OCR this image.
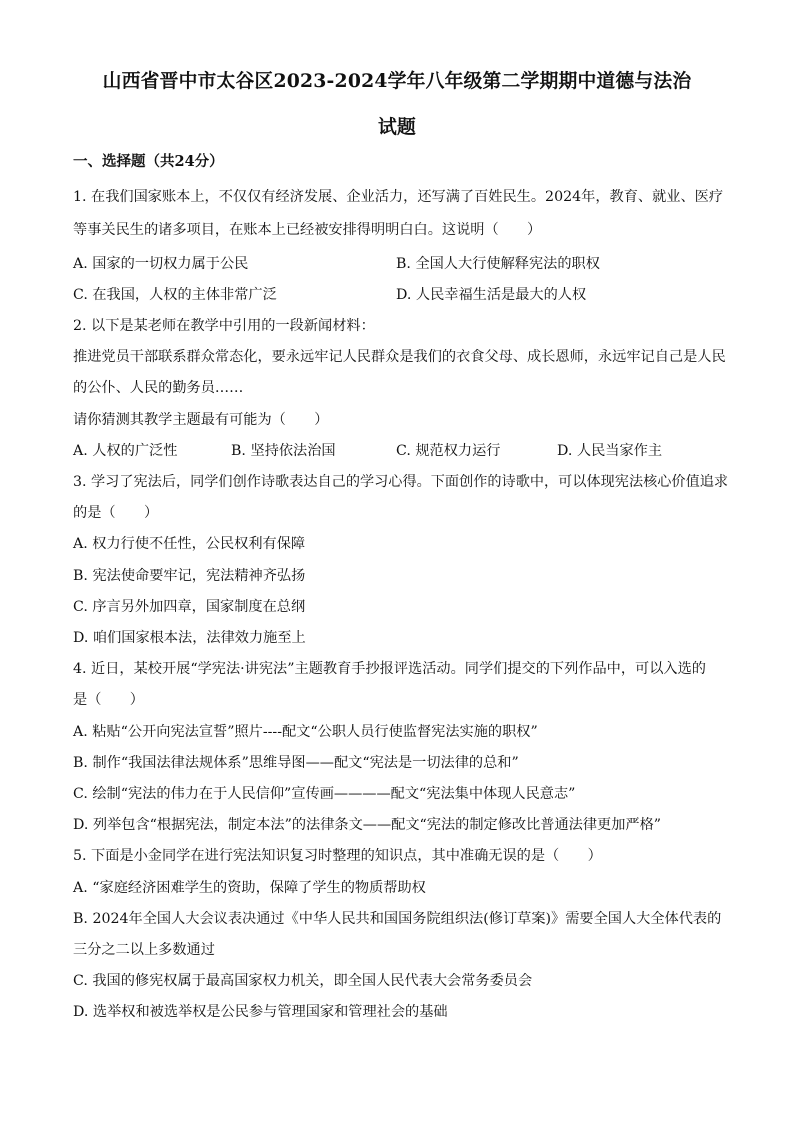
山西省晋中市太谷区2023-2024学年八年级第二学期期中道德与法治
试题
一、选择题（共24分）
1. 在我们国家账本上，不仅仅有经济发展、企业活力，还写满了百姓民生。2024年，教育、就业、医疗
等事关民生的诸多项目，在账本上已经被安排得明明白白。这说明（　　）
A. 国家的一切权力属于公民	B. 全国人大行使解释宪法的职权
C. 在我国，人权的主体非常广泛	D. 人民幸福生活是最大的人权
2. 以下是某老师在教学中引用的一段新闻材料：
推进党员干部联系群众常态化，要永远牢记人民群众是我们的衣食父母、成长恩师，永远牢记自己是人民
的公仆、人民的勤务员……
请你猜测其教学主题最有可能为（　　）
A. 人权的广泛性	B. 坚持依法治国	C. 规范权力运行	D. 人民当家作主
3. 学习了宪法后，同学们创作诗歌表达自己的学习心得。下面创作的诗歌中，可以体现宪法核心价值追求
的是（　　）
A. 权力行使不任性，公民权利有保障
B. 宪法使命要牢记，宪法精神齐弘扬
C. 序言另外加四章，国家制度在总纲
D. 咱们国家根本法，法律效力施至上
4. 近日，某校开展“学宪法·讲宪法”主题教育手抄报评选活动。同学们提交的下列作品中，可以入选的
是（　　）
A. 粘贴“公开向宪法宣誓”照片----配文“公职人员行使监督宪法实施的职权”
B. 制作“我国法律法规体系”思维导图——配文“宪法是一切法律的总和”
C. 绘制“宪法的伟力在于人民信仰”宣传画————配文“宪法集中体现人民意志”
D. 列举包含“根据宪法，制定本法”的法律条文——配文“宪法的制定修改比普通法律更加严格”
5. 下面是小金同学在进行宪法知识复习时整理的知识点，其中准确无误的是（　　）
A. “家庭经济困难学生的资助，保障了学生的物质帮助权
B. 2024年全国人大会议表决通过《中华人民共和国国务院组织法(修订草案)》需要全国人大全体代表的
三分之二以上多数通过
C. 我国的修宪权属于最高国家权力机关，即全国人民代表大会常务委员会
D. 选举权和被选举权是公民参与管理国家和管理社会的基础
